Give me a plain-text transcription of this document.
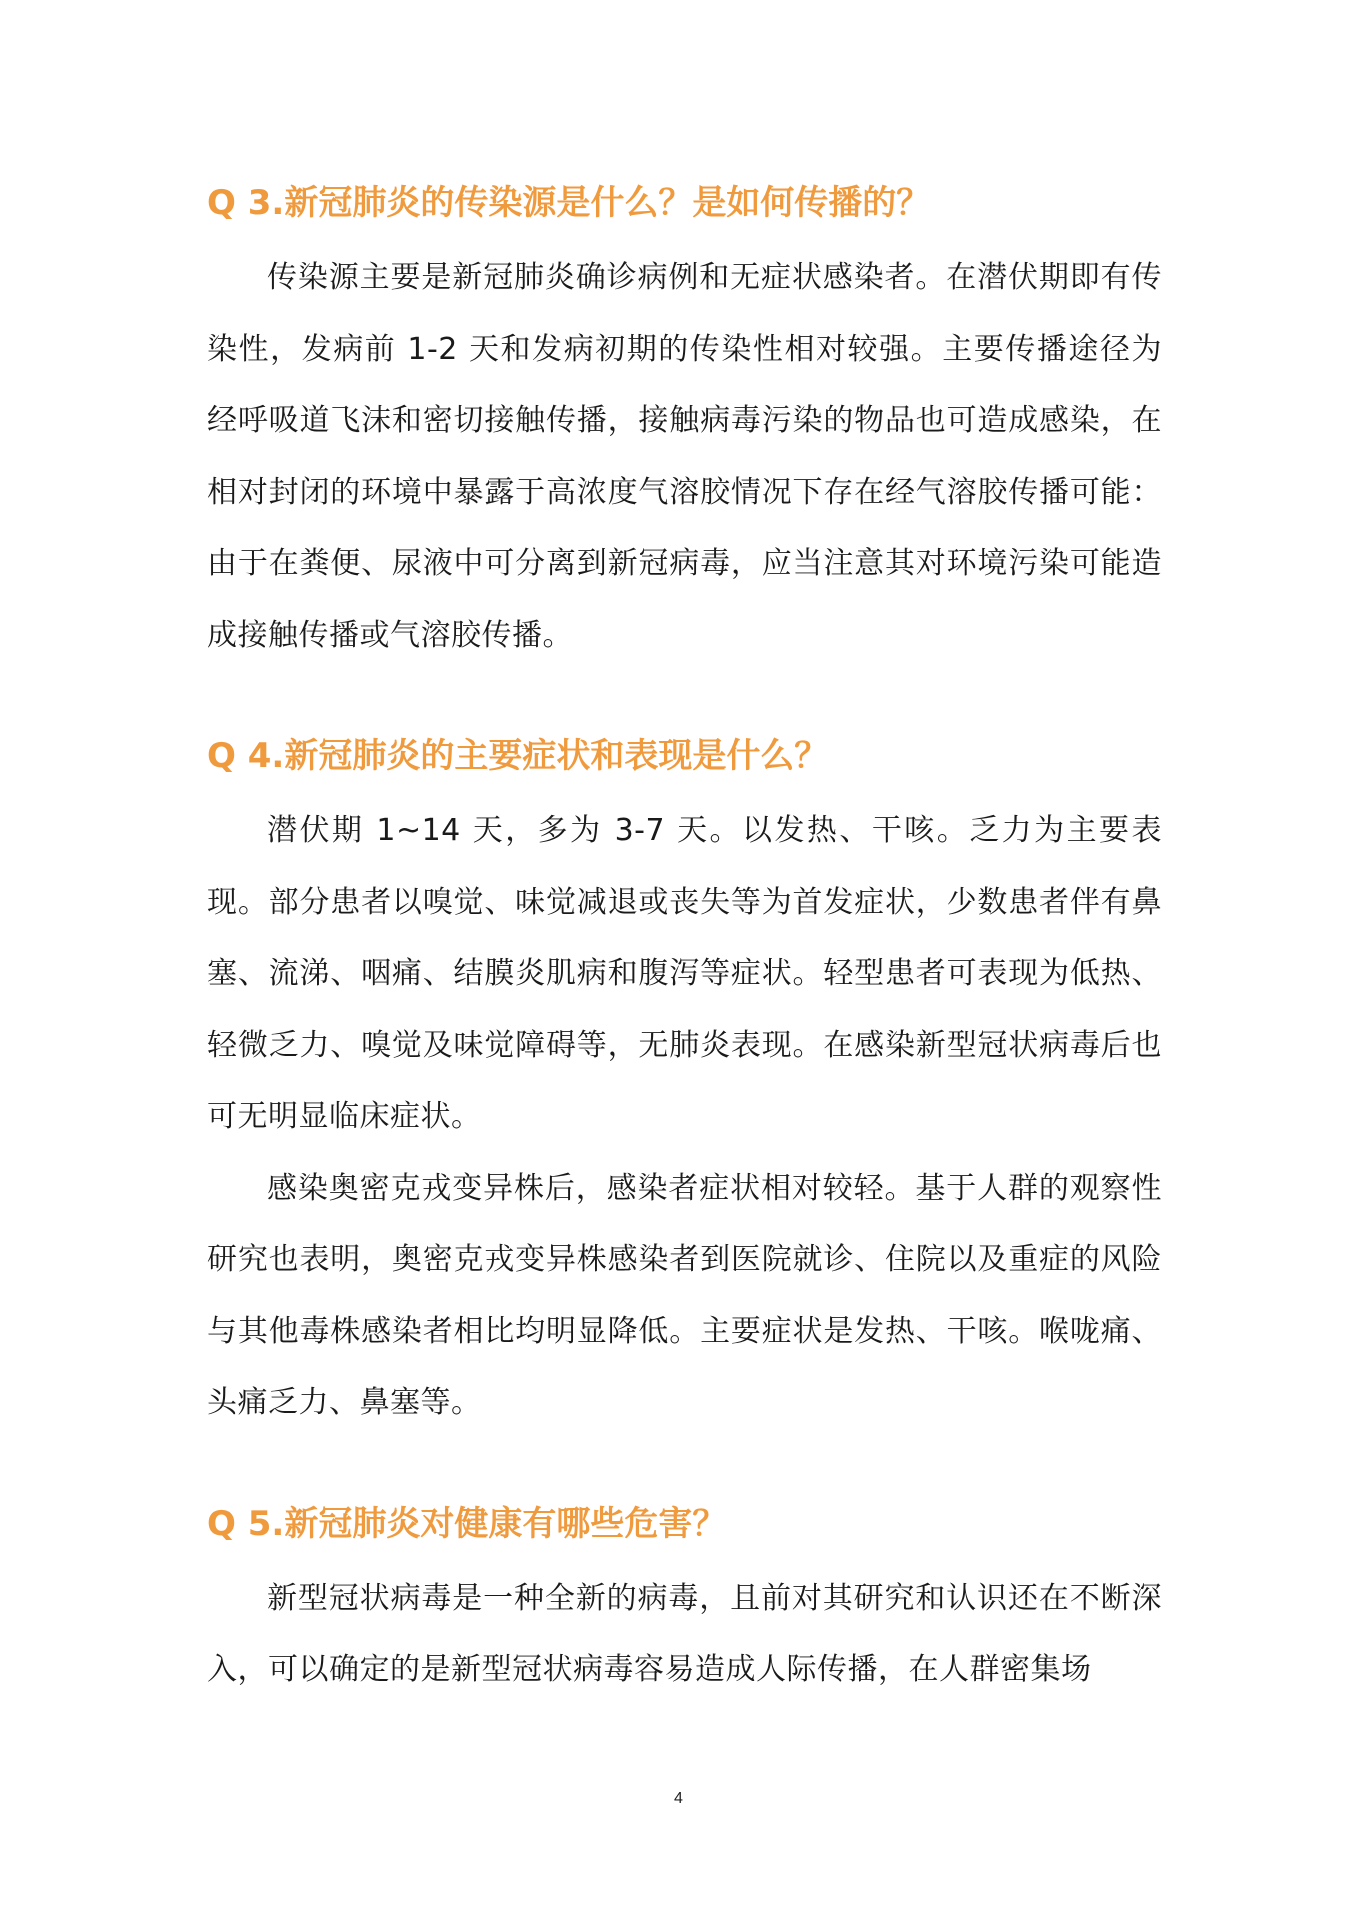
Q 3.新冠肺炎的传染源是什么？是如何传播的？

传染源主要是新冠肺炎确诊病例和无症状感染者。在潜伏期即有传染性，发病前 1-2 天和发病初期的传染性相对较强。主要传播途径为经呼吸道飞沫和密切接触传播，接触病毒污染的物品也可造成感染，在相对封闭的环境中暴露于高浓度气溶胶情况下存在经气溶胶传播可能：由于在粪便、尿液中可分离到新冠病毒，应当注意其对环境污染可能造成接触传播或气溶胶传播。

Q 4.新冠肺炎的主要症状和表现是什么？

潜伏期 1~14 天，多为 3-7 天。以发热、干咳。乏力为主要表现。部分患者以嗅觉、味觉减退或丧失等为首发症状，少数患者伴有鼻塞、流涕、咽痛、结膜炎肌病和腹泻等症状。轻型患者可表现为低热、轻微乏力、嗅觉及味觉障碍等，无肺炎表现。在感染新型冠状病毒后也可无明显临床症状。

感染奥密克戎变异株后，感染者症状相对较轻。基于人群的观察性研究也表明，奥密克戎变异株感染者到医院就诊、住院以及重症的风险与其他毒株感染者相比均明显降低。主要症状是发热、干咳。喉咙痛、头痛乏力、鼻塞等。

Q 5.新冠肺炎对健康有哪些危害？

新型冠状病毒是一种全新的病毒，且前对其研究和认识还在不断深入，可以确定的是新型冠状病毒容易造成人际传播，在人群密集场

4
